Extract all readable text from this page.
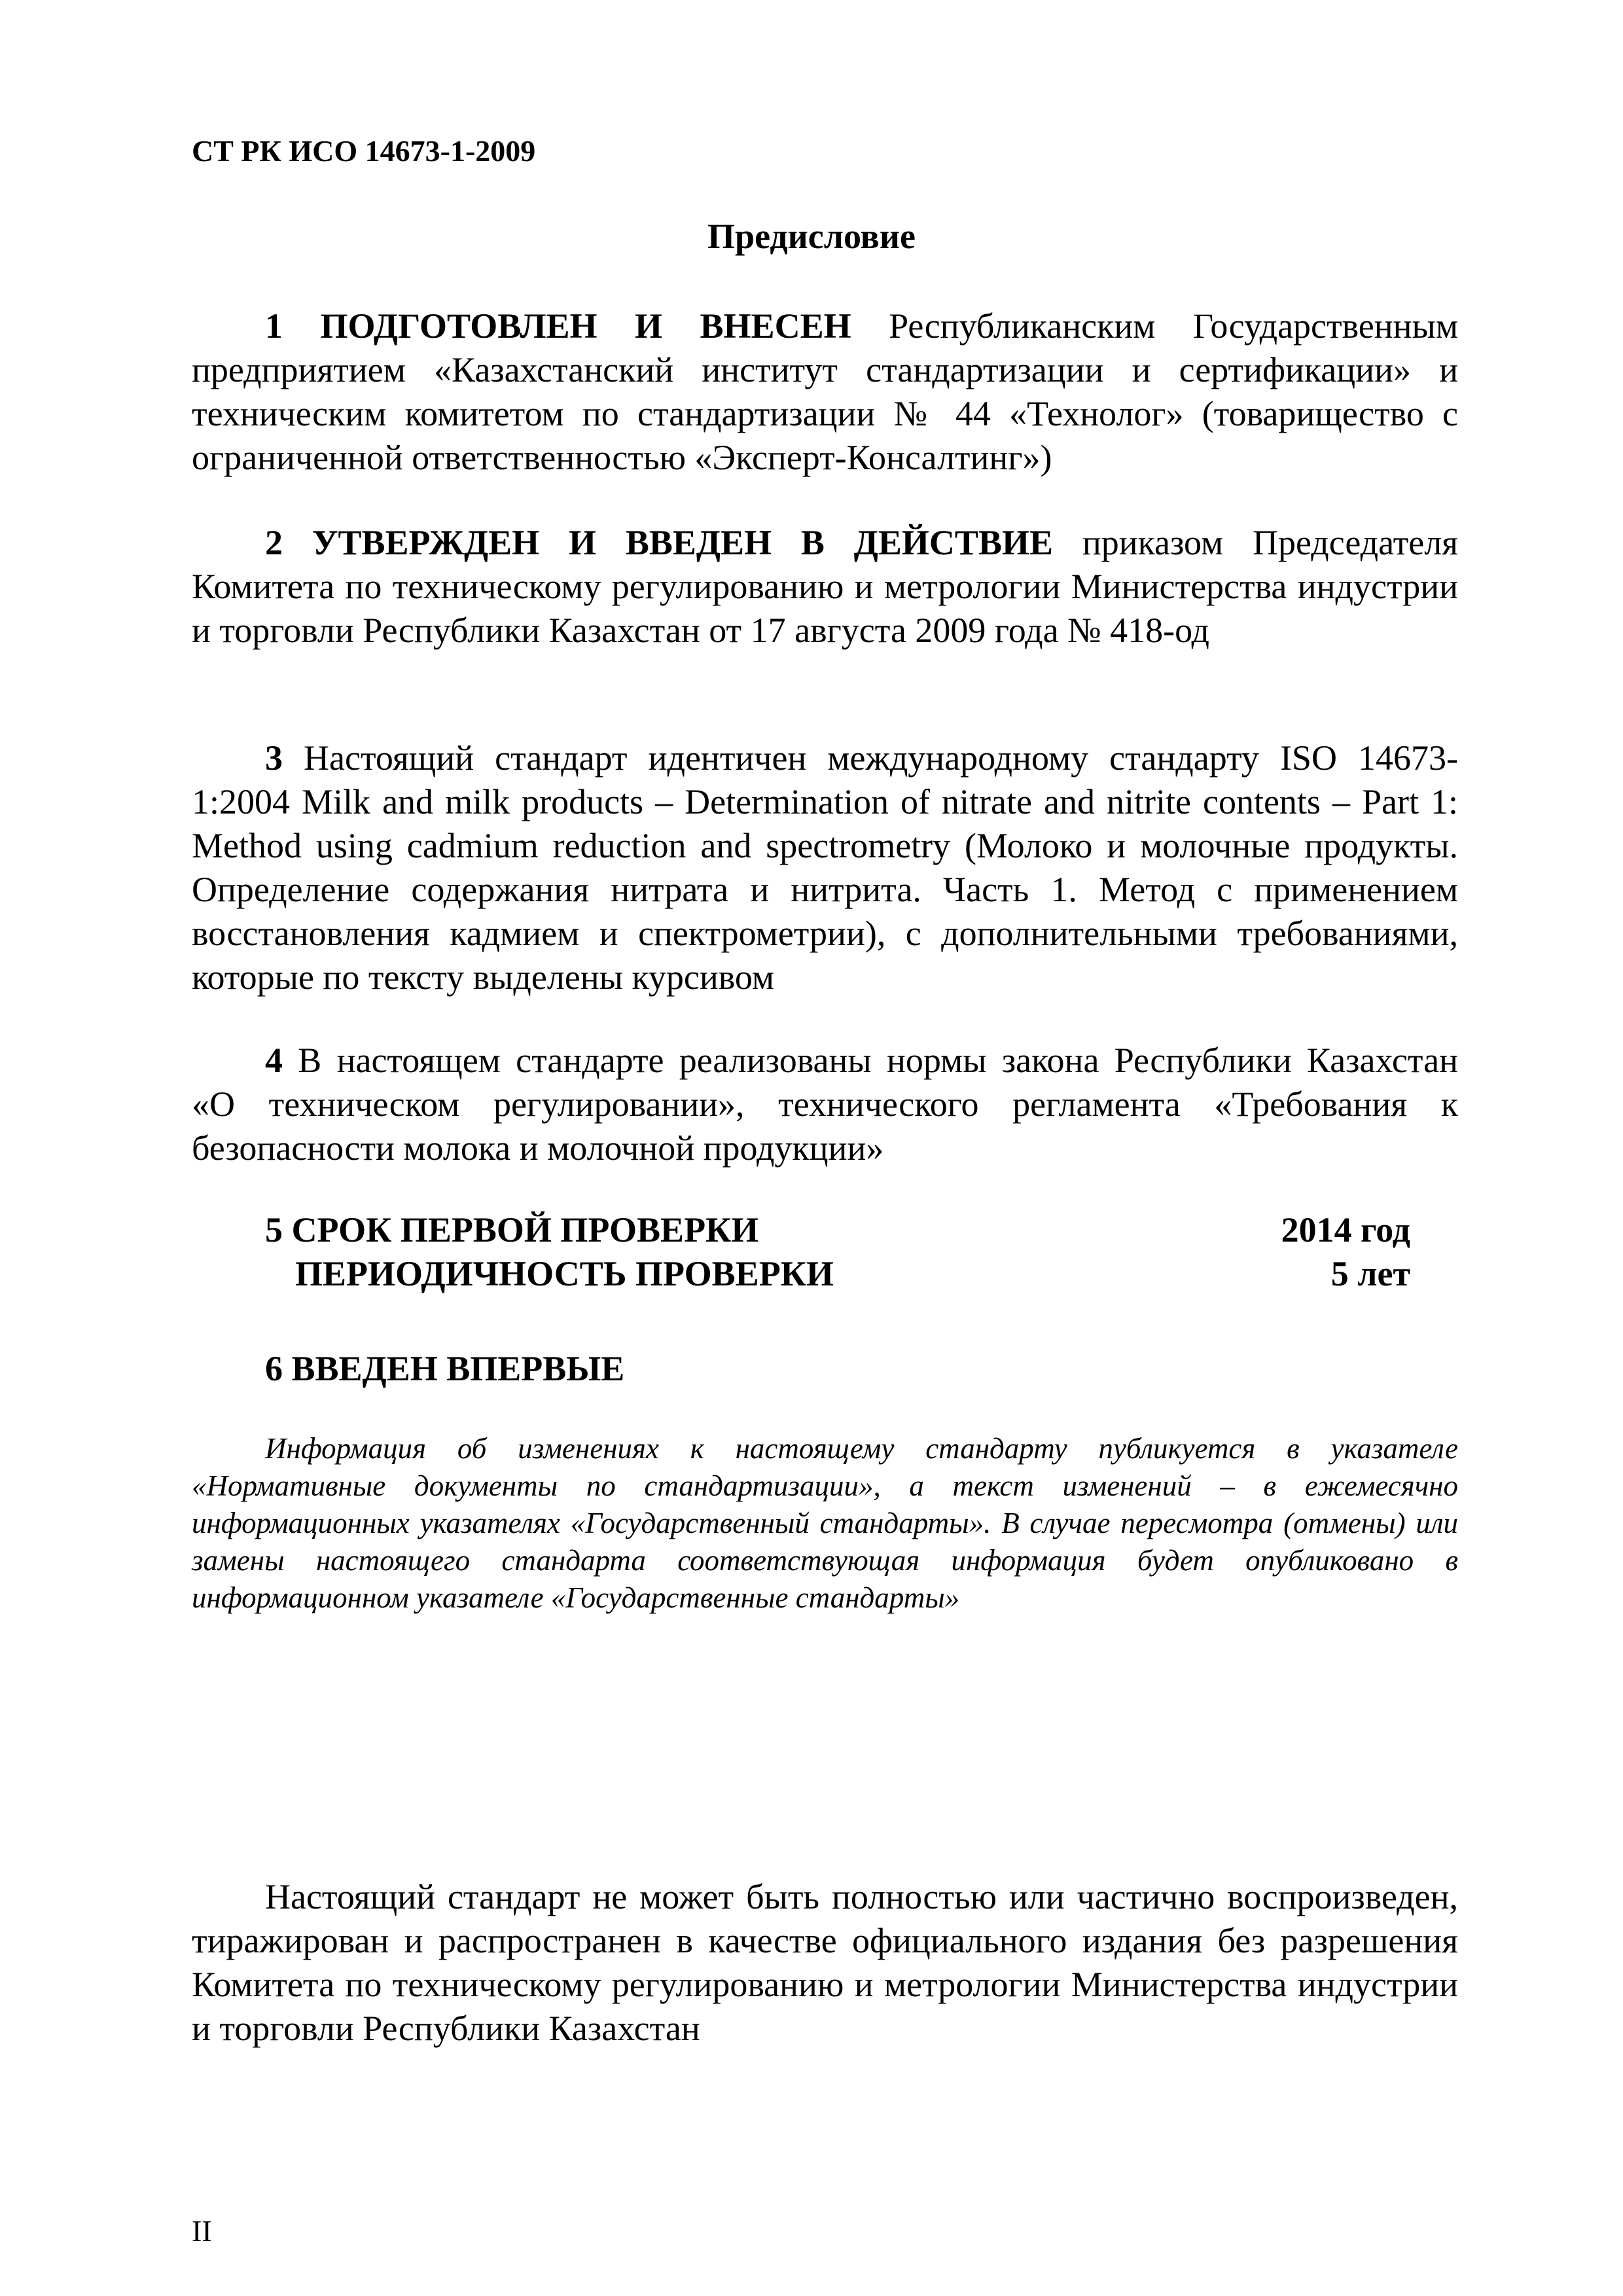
СТ РК ИСО 14673-1-2009
Предисловие
1 ПОДГОТОВЛЕН И ВНЕСЕН Республиканским Государственным предприятием «Казахстанский институт стандартизации и сертификации» и техническим комитетом по стандартизации № 44 «Технолог» (товарищество с ограниченной ответственностью «Эксперт-Консалтинг»)
2 УТВЕРЖДЕН И ВВЕДЕН В ДЕЙСТВИЕ приказом Председателя Комитета по техническому регулированию и метрологии Министерства индустрии и торговли Республики Казахстан от 17 августа 2009 года № 418-од
3 Настоящий стандарт идентичен международному стандарту ISO 14673-1:2004 Milk and milk products – Determination of nitrate and nitrite contents – Part 1: Method using cadmium reduction and spectrometry (Молоко и молочные продукты. Определение содержания нитрата и нитрита. Часть 1. Метод с применением восстановления кадмием и спектрометрии), с дополнительными требованиями, которые по тексту выделены курсивом
4 В настоящем стандарте реализованы нормы закона Республики Казахстан «О техническом регулировании», технического регламента «Требования к безопасности молока и молочной продукции»
5 СРОК ПЕРВОЙ ПРОВЕРКИ	2014 год
ПЕРИОДИЧНОСТЬ ПРОВЕРКИ	5 лет
6 ВВЕДЕН ВПЕРВЫЕ
Информация об изменениях к настоящему стандарту публикуется в указателе «Нормативные документы по стандартизации», а текст изменений – в ежемесячно информационных указателях «Государственный стандарты». В случае пересмотра (отмены) или замены настоящего стандарта соответствующая информация будет опубликовано в информационном указателе «Государственные стандарты»
Настоящий стандарт не может быть полностью или частично воспроизведен, тиражирован и распространен в качестве официального издания без разрешения Комитета по техническому регулированию и метрологии Министерства индустрии и торговли Республики Казахстан
II
